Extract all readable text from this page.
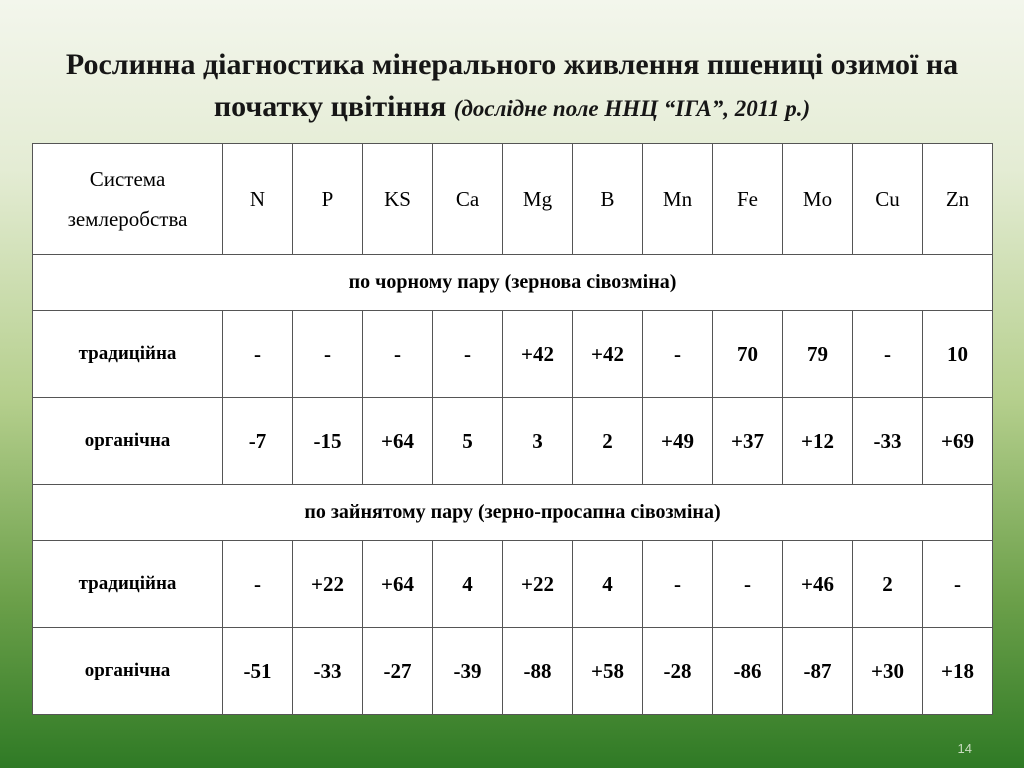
Рослинна діагностика мінерального живлення пшениці озимої на початку цвітіння (дослідне поле ННЦ “ІГА”, 2011 р.)
Система
землеробства	N	P	KS	Ca	Mg	B	Mn	Fe	Mo	Cu	Zn
по чорному пару (зернова сівозміна)											
традиційна	-	-	-	-	+42	+42	-	70	79	-	10
органічна	-7	-15	+64	5	3	2	+49	+37	+12	-33	+69
по зайнятому пару (зерно-просапна сівозміна)											
традиційна	-	+22	+64	4	+22	4	-	-	+46	2	-
органічна	-51	-33	-27	-39	-88	+58	-28	-86	-87	+30	+18
14
